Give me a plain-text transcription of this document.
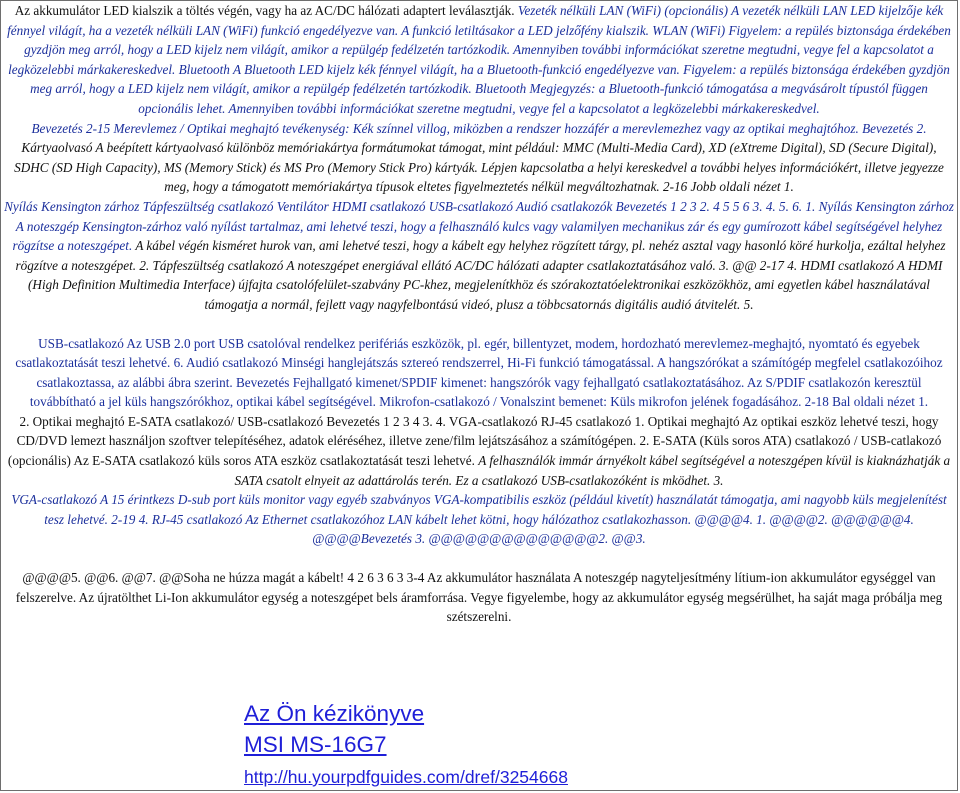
Az akkumulátor LED kialszik a töltés végén, vagy ha az AC/DC hálózati adaptert leválasztják. Vezeték nélküli LAN (WiFi) (opcionális) A vezeték nélküli LAN LED kijelzője kék fénnyel világít, ha a vezeték nélküli LAN (WiFi) funkció engedélyezve van. A funkció letiltásakor a LED jelzőfény kialszik. WLAN (WiFi) Figyelem: a repülés biztonsága érdekében gyzdjön meg arról, hogy a LED kijelz nem világít, amikor a repülgép fedélzetén tartózkodik. Amennyiben további információkat szeretne megtudni, vegye fel a kapcsolatot a legközelebbi márkakereskedvel. Bluetooth A Bluetooth LED kijelz kék fénnyel világít, ha a Bluetooth-funkció engedélyezve van. Figyelem: a repülés biztonsága érdekében gyzdjön meg arról, hogy a LED kijelz nem világít, amikor a repülgép fedélzetén tartózkodik. Bluetooth Megjegyzés: a Bluetooth-funkció támogatása a megvásárolt típustól függen opcionális lehet. Amennyiben további információkat szeretne megtudni, vegye fel a kapcsolatot a legközelebbi márkakereskedvel.
Bevezetés 2-15 Merevlemez / Optikai meghajtó tevékenység: Kék színnel villog, miközben a rendszer hozzáfér a merevlemezhez vagy az optikai meghajtóhoz. Bevezetés 2. Kártyaolvasó A beépített kártyaolvasó különböz memóriakártya formátumokat támogat, mint például: MMC (Multi-Media Card), XD (eXtreme Digital), SD (Secure Digital), SDHC (SD High Capacity), MS (Memory Stick) és MS Pro (Memory Stick Pro) kártyák. Lépjen kapcsolatba a helyi kereskedvel a további helyes információkért, illetve jegyezze meg, hogy a támogatott memóriakártya típusok eltetes figyelmeztetés nélkül megváltozhatnak. 2-16 Jobb oldali nézet 1.
Nyílás Kensington zárhoz Tápfeszültség csatlakozó Ventilátor HDMI csatlakozó USB-csatlakozó Audió csatlakozók Bevezetés 1 2 3 2. 4 5 5 6 3. 4. 5. 6. 1. Nyílás Kensington zárhoz A noteszgép Kensington-zárhoz való nyílást tartalmaz, ami lehetvé teszi, hogy a felhasználó kulcs vagy valamilyen mechanikus zár és egy gumírozott kábel segítségével helyhez rögzítse a noteszgépet. A kábel végén kisméret hurok van, ami lehetvé teszi, hogy a kábelt egy helyhez rögzített tárgy, pl. nehéz asztal vagy hasonló köré hurkolja, ezáltal helyhez rögzítve a noteszgépet. 2. Tápfeszültség csatlakozó A noteszgépet energiával ellátó AC/DC hálózati adapter csatlakoztatásához való. 3. @@ 2-17 4. HDMI csatlakozó A HDMI (High Definition Multimedia Interface) újfajta csatolófelület-szabvány PC-khez, megjelenítkhöz és szórakoztatóelektronikai eszközökhöz, ami egyetlen kábel használatával támogatja a normál, fejlett vagy nagyfelbontású videó, plusz a többcsatornás digitális audió átvitelét. 5.
USB-csatlakozó Az USB 2.0 port USB csatolóval rendelkez perifériás eszközök, pl. egér, billentyzet, modem, hordozható merevlemez-meghajtó, nyomtató és egyebek csatlakoztatását teszi lehetvé. 6. Audió csatlakozó Minségi hanglejátszás sztereó rendszerrel, Hi-Fi funkció támogatással. A hangszórókat a számítógép megfelel csatlakozóihoz csatlakoztassa, az alábbi ábra szerint. Bevezetés Fejhallgató kimenet/SPDIF kimenet: hangszórók vagy fejhallgató csatlakoztatásához. Az S/PDIF csatlakozón keresztül továbbítható a jel küls hangszórókhoz, optikai kábel segítségével. Mikrofon-csatlakozó / Vonalszint bemenet: Küls mikrofon jelének fogadásához. 2-18 Bal oldali nézet 1.
2. Optikai meghajtó E-SATA csatlakozó/ USB-csatlakozó Bevezetés 1 2 3 4 3. 4. VGA-csatlakozó RJ-45 csatlakozó 1. Optikai meghajtó Az optikai eszköz lehetvé teszi, hogy CD/DVD lemezt használjon szoftver telepítéséhez, adatok eléréséhez, illetve zene/film lejátszásához a számítógépen. 2. E-SATA (Küls soros ATA) csatlakozó / USB-catlakozó (opcionális) Az E-SATA csatlakozó küls soros ATA eszköz csatlakoztatását teszi lehetvé. A felhasználók immár árnyékolt kábel segítségével a noteszgépen kívül is kiaknázhatják a SATA csatolt elnyeit az adattárolás terén. Ez a csatlakozó USB-csatlakozóként is mködhet. 3.
VGA-csatlakozó A 15 érintkezs D-sub port küls monitor vagy egyéb szabványos VGA-kompatibilis eszköz (például kivetít) használatát támogatja, ami nagyobb küls megjelenítést tesz lehetvé. 2-19 4. RJ-45 csatlakozó Az Ethernet csatlakozóhoz LAN kábelt lehet kötni, hogy hálózathoz csatlakozhasson. @@@@4. 1. @@@@2. @@@@@@4. @@@@Bevezetés 3. @@@@@@@@@@@@@@2. @@3.
@@@@5. @@6. @@7. @@Soha ne húzza magát a kábelt! 4 2 6 3 6 3 3-4 Az akkumulátor használata A noteszgép nagyteljesítmény lítium-ion akkumulátor egységgel van felszerelve. Az újratölthet Li-Ion akkumulátor egység a noteszgépet bels áramforrása. Vegye figyelembe, hogy az akkumulátor egység megsérülhet, ha saját maga próbálja meg szétszerelni.
Az Ön kézikönyve
MSI MS-16G7
http://hu.yourpdfguides.com/dref/3254668
